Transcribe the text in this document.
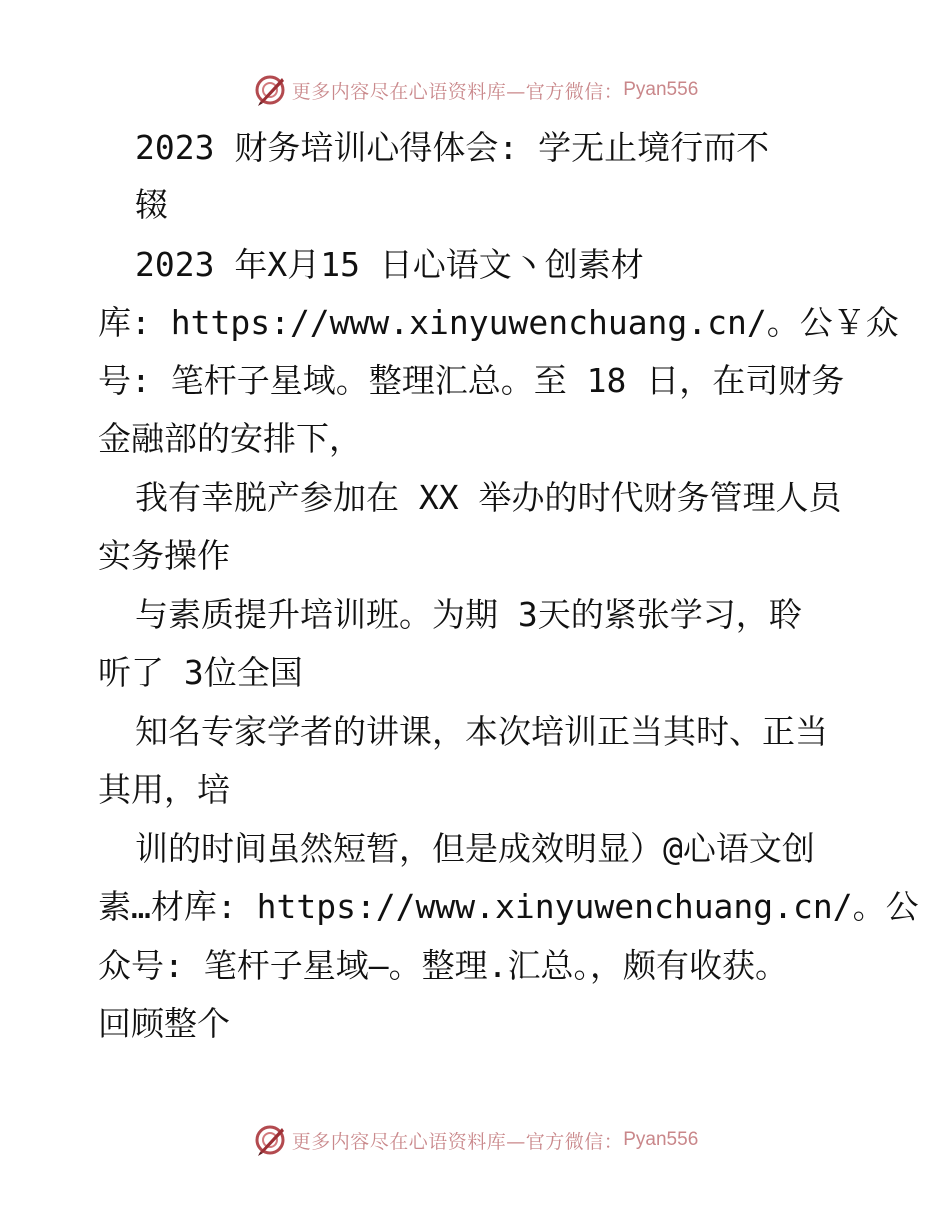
更多内容尽在心语资料库—官方微信： Pyan556
2023 财务培训心得体会: 学无止境行而不
辍
2023 年X月15 日心语文丶创素材
库: https://www.xinyuwenchuang.cn/。公￥众
号: 笔杆子星域。整理汇总。至 18 日，在司财务
金融部的安排下，
我有幸脱产参加在 XX 举办的时代财务管理人员
实务操作
与素质提升培训班。为期 3天的紧张学习，聆
听了 3位全国
知名专家学者的讲课，本次培训正当其时、正当
其用，培
训的时间虽然短暂，但是成效明显）@心语文创
素…材库: https://www.xinyuwenchuang.cn/。公
众号: 笔杆子星域—。整理.汇总。，颇有收获。
回顾整个
更多内容尽在心语资料库—官方微信： Pyan556
